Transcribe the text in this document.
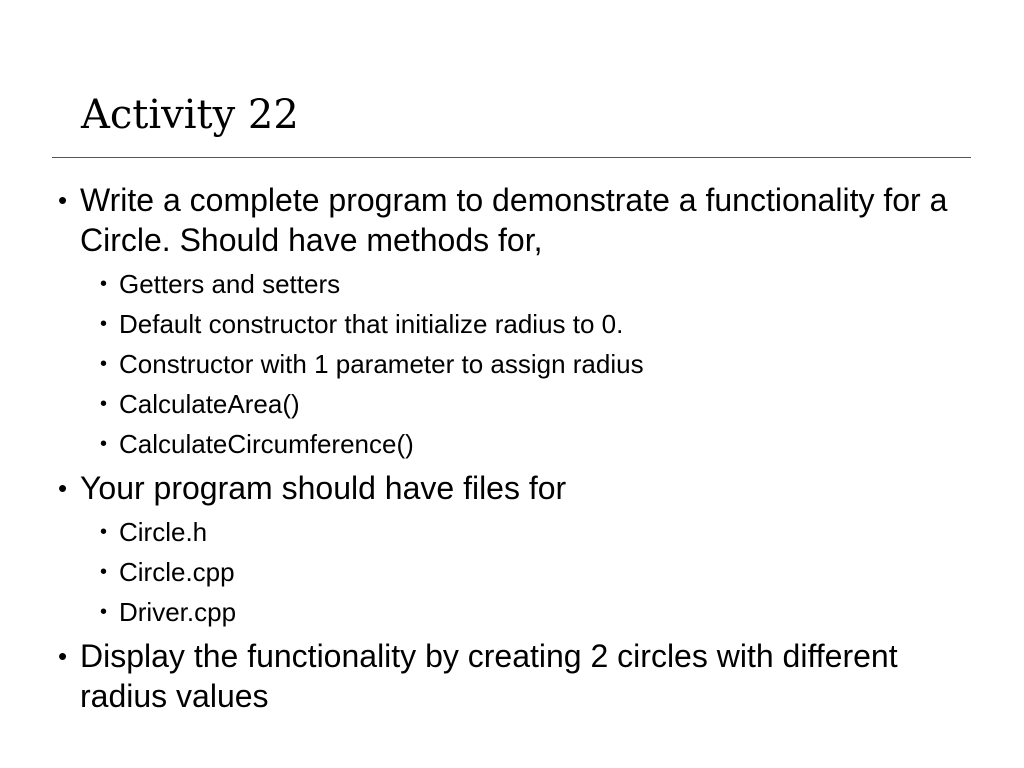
Activity 22

• Write a complete program to demonstrate a functionality for a Circle. Should have methods for,

• Getters and setters

• Default constructor that initialize radius to 0.

• Constructor with 1 parameter to assign radius

• CalculateArea()

• CalculateCircumference()

• Your program should have files for

• Circle.h

• Circle.cpp

• Driver.cpp

• Display the functionality by creating 2 circles with different radius values
